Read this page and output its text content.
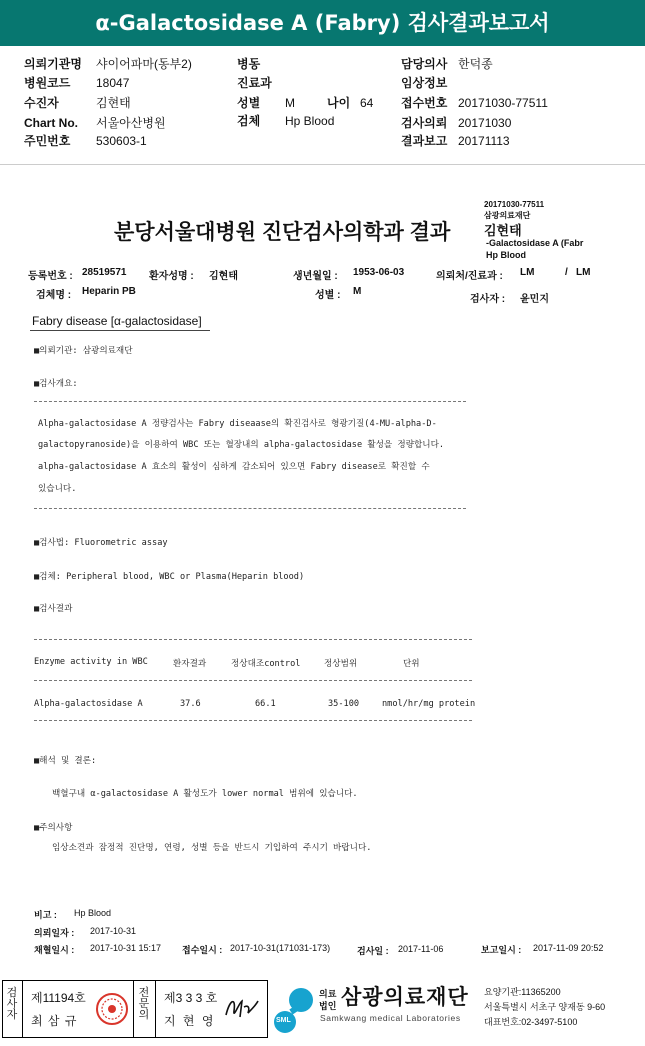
α-Galactosidase A (Fabry) 검사결과보고서
의뢰기관명 샤이어파마(동부2)
병원코드 18047
수진자	김현태
Chart No. 서울아산병원
주민번호 530603-1
병동
진료과
성별 M	나이 64
검체 Hp Blood
담당의사 한덕종
임상정보
접수번호 20171030-77511
검사의뢰 20171030
결과보고 20171113
20171030-77511
삼광의료재단
김현태
-Galactosidase A (Fabr
Hp Blood
분당서울대병원 진단검사의학과 결과
등록번호 : 28519571 환자성명 : 김현태	생년월일 : 1953-06-03	의뢰처/진료과 : LM	/ LM
검체명 : Heparin PB	성별 : M
검사자 : 윤민지
Fabry disease [α-galactosidase]
■의뢰기관: 삼광의료재단
■검사개요:
Alpha-galactosidase A 정량검사는 Fabry diseaase의 확진검사로 형광기질(4-MU-alpha-D-
galactopyranoside)을 이용하여 WBC 또는 혈장내의 alpha-galactosidase 활성을 정량합니다.
alpha-galactosidase A 효소의 활성이 심하게 감소되어 있으면 Fabry disease로 확진할 수
있습니다.
■검사법: Fluorometric assay
■검체: Peripheral blood, WBC or Plasma(Heparin blood)
■검사결과
Enzyme activity in WBC	환자결과	정상대조control	정상범위	단위
Alpha-galactosidase A	37.6	66.1	35-100	nmol/hr/mg protein
■해석 및 결론:
백혈구내 α-galactosidase A 활성도가 lower normal 범위에 있습니다.
■주의사항
임상소견과 잠정적 진단명, 연령, 성별 등을 반드시 기입하여 주시기 바랍니다.
비고 : Hp Blood
의뢰일자 : 2017-10-31
채혈일시 : 2017-10-31 15:17 접수일시 : 2017-10-31(171031-173)	검사일 : 2017-11-06	보고일시 : 2017-11-09 20:52
검사자
제11194호
최 삼 규
전문의
제3 3 3 호
지 현 영	SML
의료
법인 삼광의료재단
Samkwang medical Laboratories
요양기관:11365200
서울특별시 서초구 양재동 9-60
대표번호:02-3497-5100
